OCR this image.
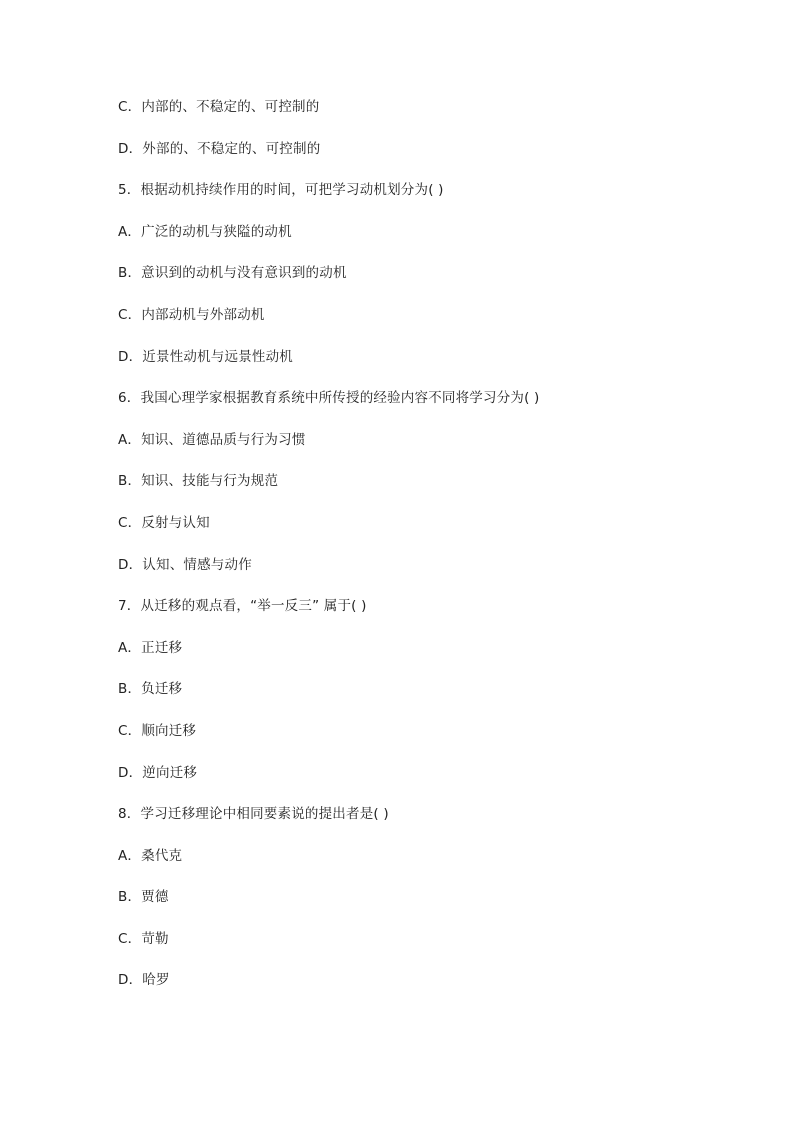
C．内部的、不稳定的、可控制的
D．外部的、不稳定的、可控制的
5．根据动机持续作用的时间，可把学习动机划分为( )
A．广泛的动机与狭隘的动机
B．意识到的动机与没有意识到的动机
C．内部动机与外部动机
D．近景性动机与远景性动机
6．我国心理学家根据教育系统中所传授的经验内容不同将学习分为( )
A．知识、道德品质与行为习惯
B．知识、技能与行为规范
C．反射与认知
D．认知、情感与动作
7．从迁移的观点看，“举一反三” 属于( )
A．正迁移
B．负迁移
C．顺向迁移
D．逆向迁移
8．学习迁移理论中相同要素说的提出者是( )
A．桑代克
B．贾德
C．苛勒
D．哈罗
